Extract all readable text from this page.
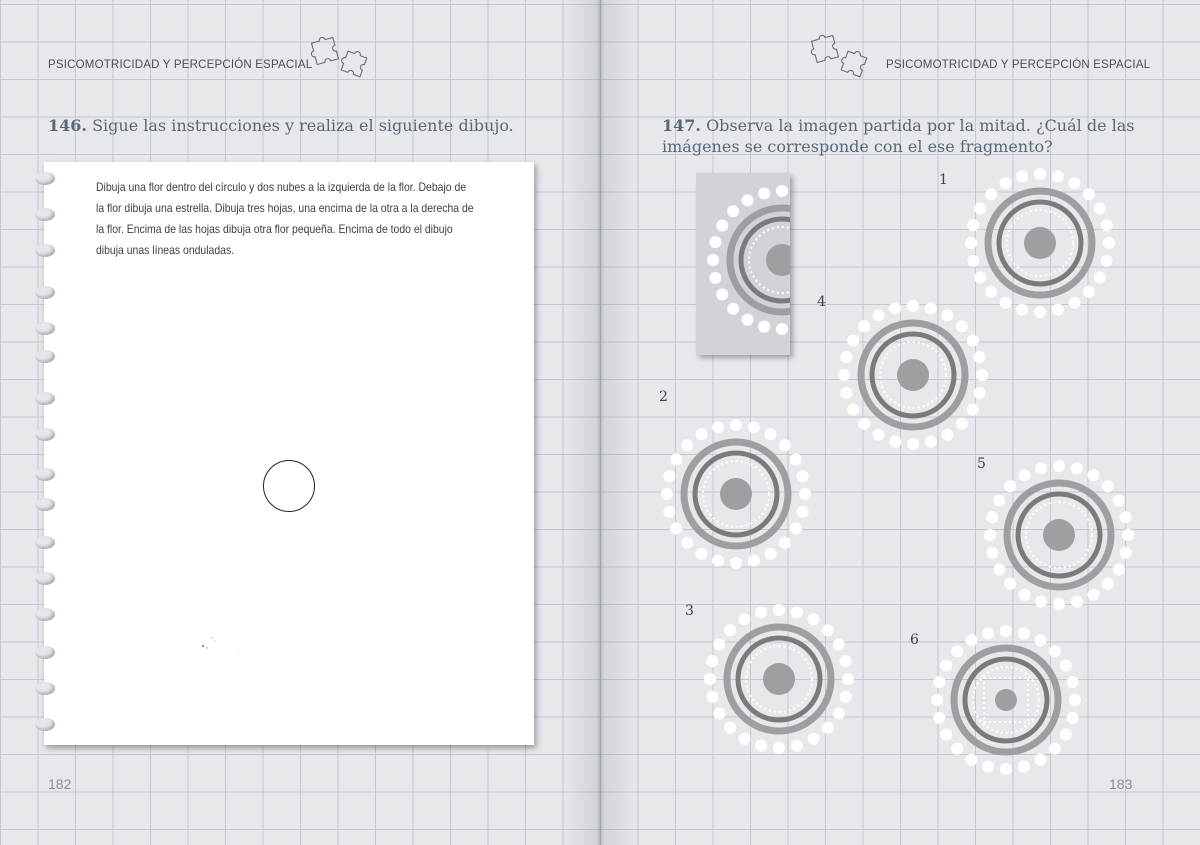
PSICOMOTRICIDAD Y PERCEPCIÓN ESPACIAL
146. Sigue las instrucciones y realiza el siguiente dibujo.
Dibuja una flor dentro del círculo y dos nubes a la izquierda de la flor. Debajo de la flor dibuja una estrella. Dibuja tres hojas, una encima de la otra a la derecha de la flor. Encima de las hojas dibuja otra flor pequeña. Encima de todo el dibujo dibuja unas líneas onduladas.
182
PSICOMOTRICIDAD Y PERCEPCIÓN ESPACIAL
147. Observa la imagen partida por la mitad. ¿Cuál de las
imágenes se corresponde con el ese fragmento?
1
2
3
4
5
6
183
